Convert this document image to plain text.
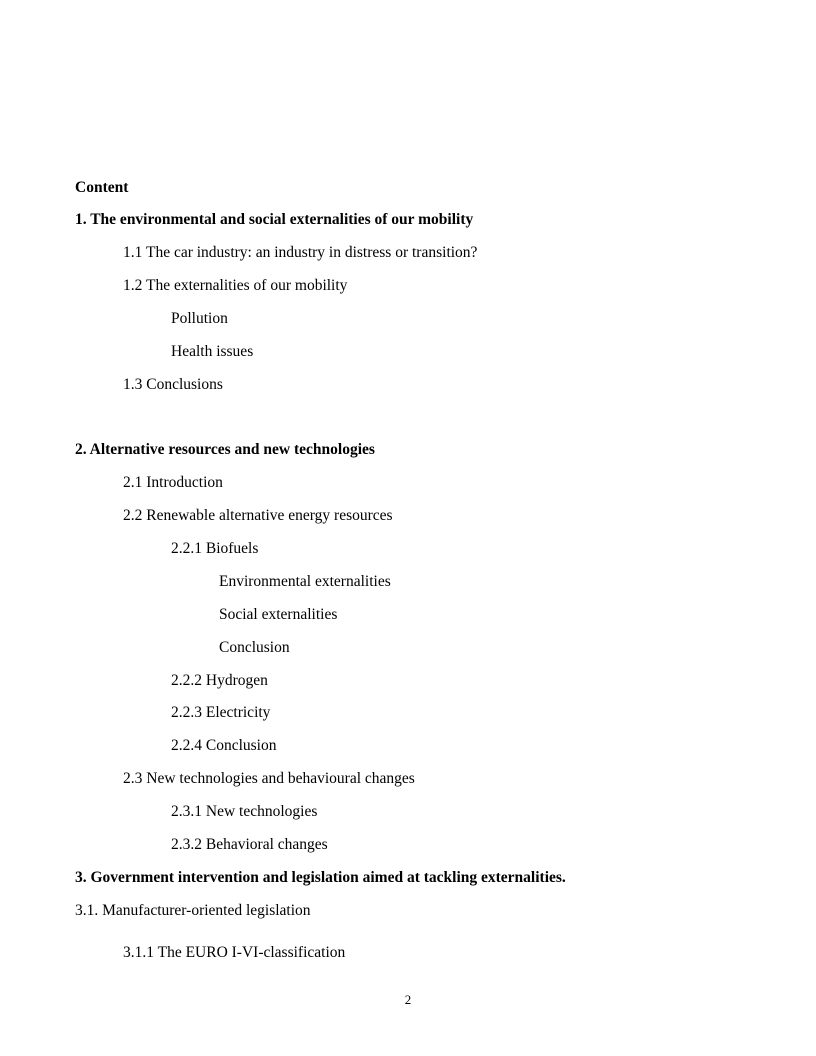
Content
1. The environmental and social externalities of our mobility
1.1 The car industry: an industry in distress or transition?
1.2 The externalities of our mobility
Pollution
Health issues
1.3 Conclusions
2. Alternative resources and new technologies
2.1 Introduction
2.2 Renewable alternative energy resources
2.2.1 Biofuels
Environmental externalities
Social externalities
Conclusion
2.2.2 Hydrogen
2.2.3 Electricity
2.2.4 Conclusion
2.3 New technologies and behavioural changes
2.3.1 New technologies
2.3.2 Behavioral changes
3. Government intervention and legislation aimed at tackling externalities.
3.1. Manufacturer-oriented legislation
3.1.1 The EURO I-VI-classification
2
